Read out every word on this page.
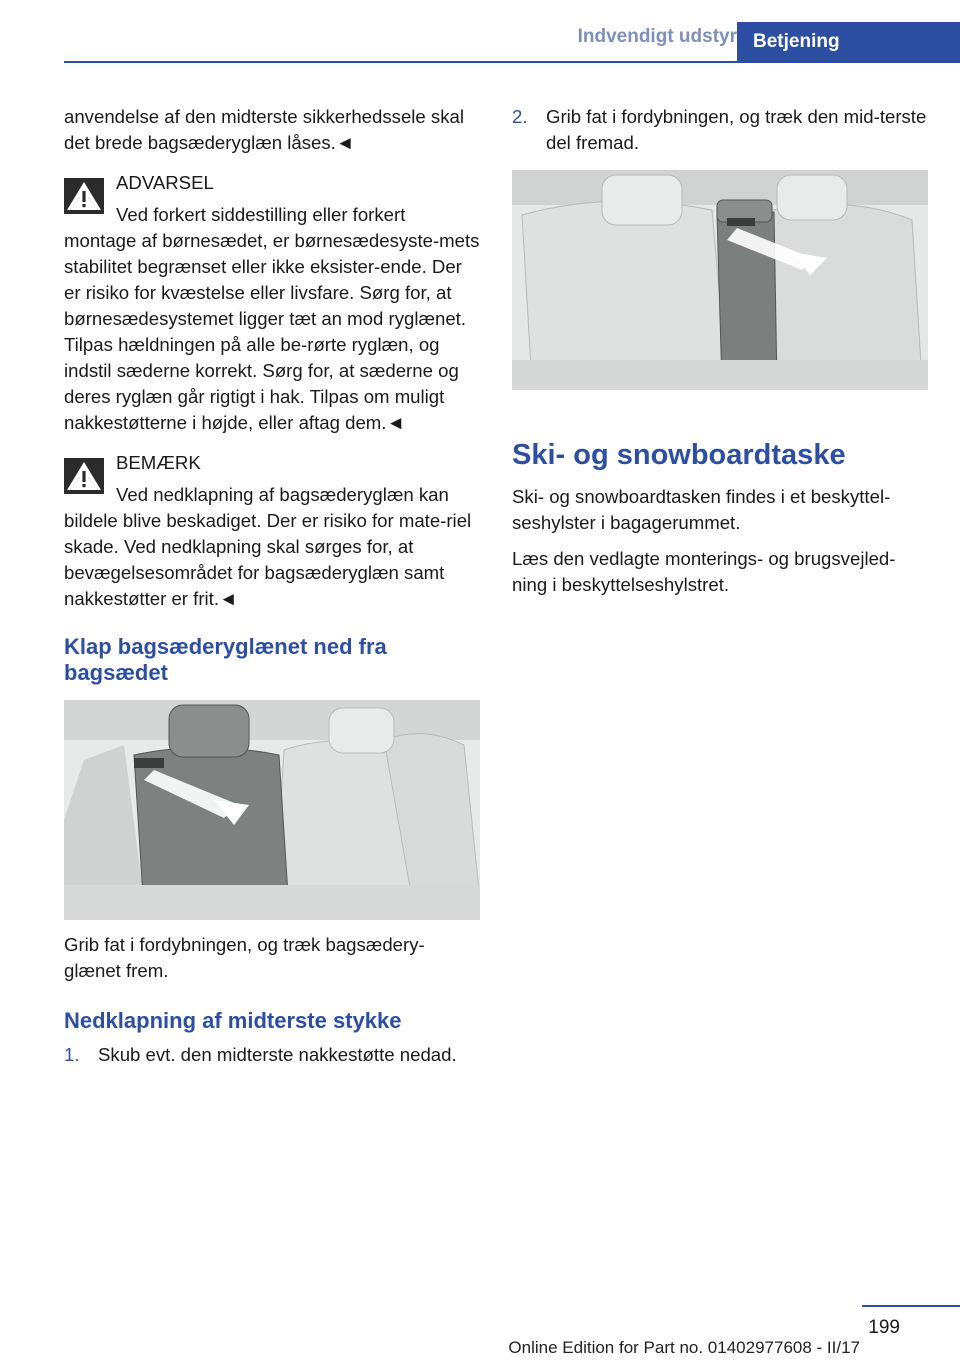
Indvendigt udstyr Betjening

anvendelse af den midterste sikkerhedssele skal det brede bagsæderyglæn låses.◄

ADVARSEL

Ved forkert siddestilling eller forkert montage af børnesædet, er børnesædesyste-mets stabilitet begrænset eller ikke eksister-ende. Der er risiko for kvæstelse eller livsfare. Sørg for, at børnesædesystemet ligger tæt an mod ryglænet. Tilpas hældningen på alle be-rørte ryglæn, og indstil sæderne korrekt. Sørg for, at sæderne og deres ryglæn går rigtigt i hak. Tilpas om muligt nakkestøtterne i højde, eller aftag dem.◄

BEMÆRK

Ved nedklapning af bagsæderyglæn kan bildele blive beskadiget. Der er risiko for mate-riel skade. Ved nedklapning skal sørges for, at bevægelsesområdet for bagsæderyglæn samt nakkestøtter er frit.◄

Klap bagsæderyglænet ned fra bagsædet

Grib fat i fordybningen, og træk bagsædery-glænet frem.

Nedklapning af midterste stykke
1. Skub evt. den midterste nakkestøtte nedad.
2. Grib fat i fordybningen, og træk den mid-terste del fremad.
Ski- og snowboardtaske

Ski- og snowboardtasken findes i et beskyttel-seshylster i bagagerummet.

Læs den vedlagte monterings- og brugsvejled-ning i beskyttelseshylstret.

199
Online Edition for Part no. 01402977608 - II/17
